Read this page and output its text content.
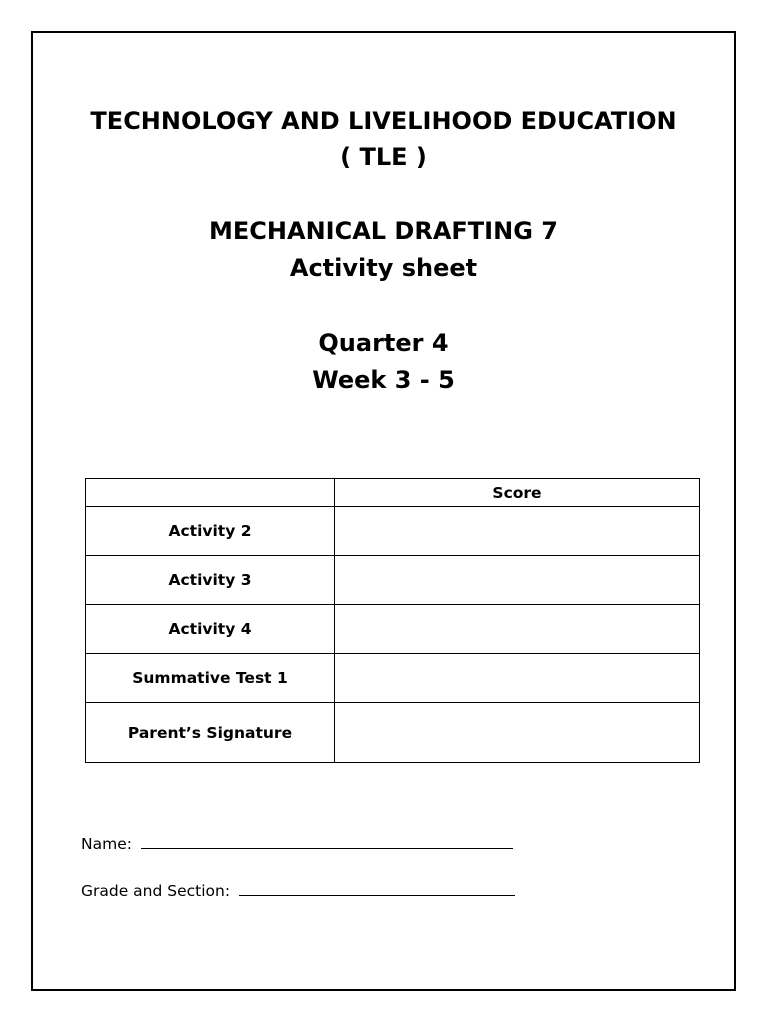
TECHNOLOGY AND LIVELIHOOD EDUCATION
( TLE )
MECHANICAL DRAFTING 7
Activity sheet
Quarter 4
Week 3 - 5
	Score
Activity 2	
Activity 3	
Activity 4	
Summative Test 1	
Parent’s Signature	
Name:
Grade and Section:
